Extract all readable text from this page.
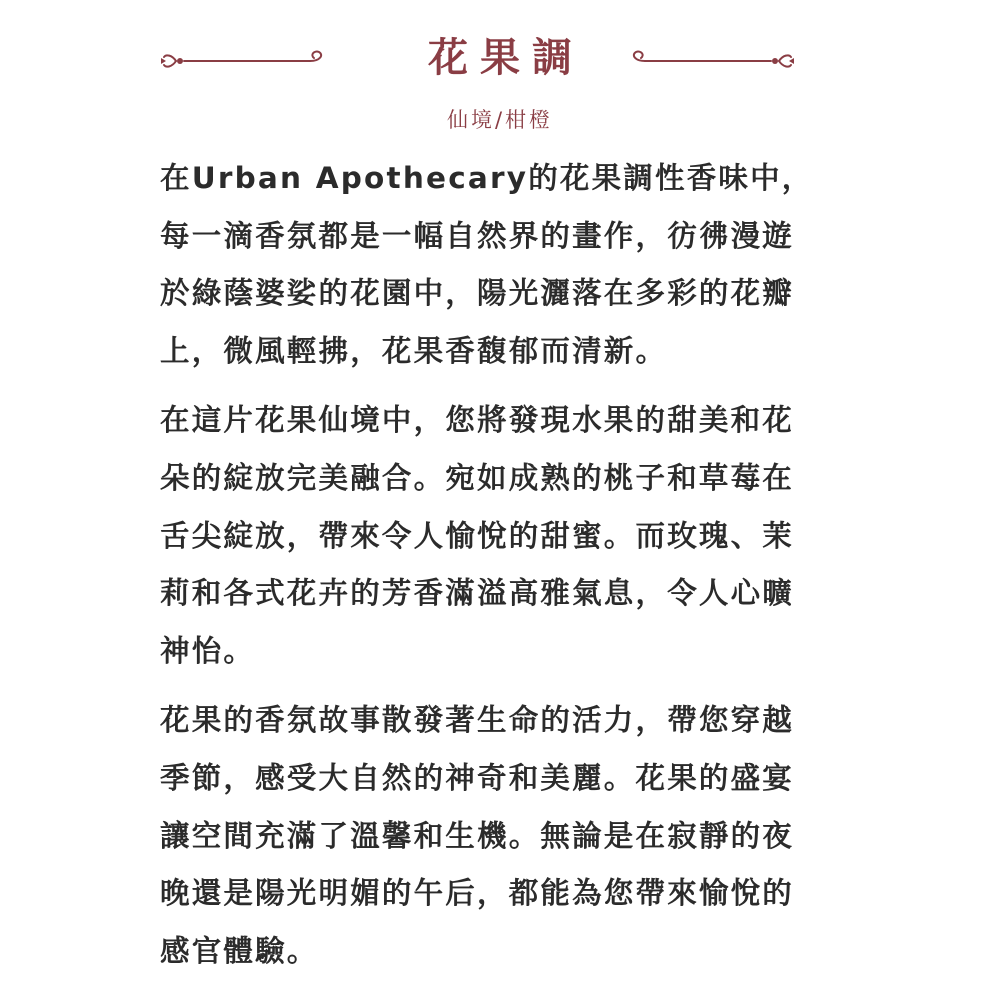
花果調
仙境/柑橙

在Urban Apothecary的花果調性香味中，每一滴香氛都是一幅自然界的畫作，彷彿漫遊於綠蔭婆娑的花園中，陽光灑落在多彩的花瓣上，微風輕拂，花果香馥郁而清新。

在這片花果仙境中，您將發現水果的甜美和花朵的綻放完美融合。宛如成熟的桃子和草莓在舌尖綻放，帶來令人愉悅的甜蜜。而玫瑰、茉莉和各式花卉的芳香滿溢高雅氣息，令人心曠神怡。

花果的香氛故事散發著生命的活力，帶您穿越季節，感受大自然的神奇和美麗。花果的盛宴讓空間充滿了溫馨和生機。無論是在寂靜的夜晚還是陽光明媚的午后，都能為您帶來愉悅的感官體驗。
